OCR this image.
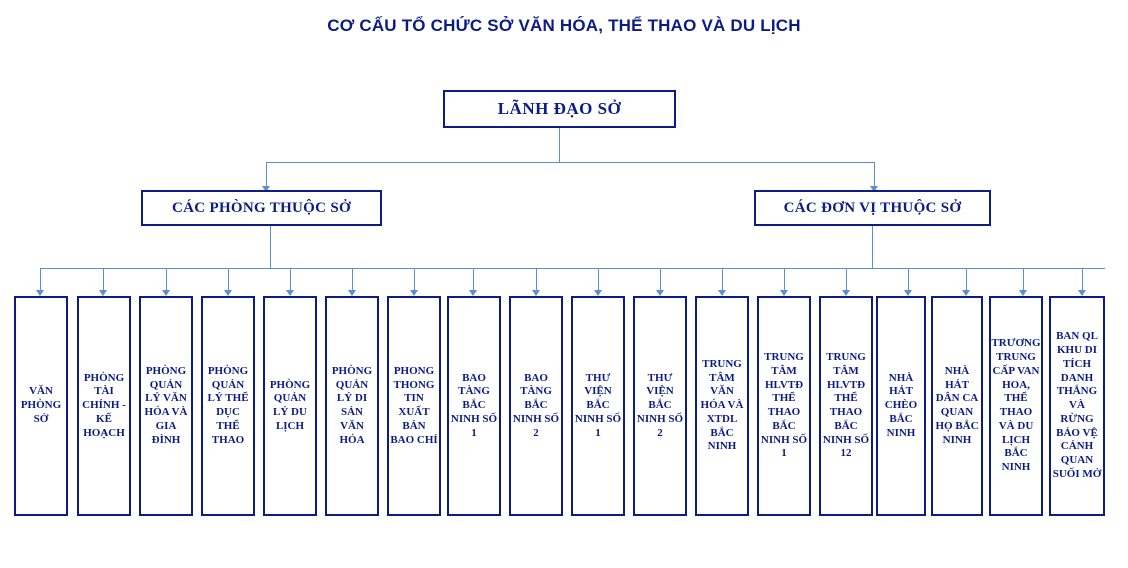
CƠ CẤU TỔ CHỨC SỞ VĂN HÓA, THỂ THAO VÀ DU LỊCH
LÃNH ĐẠO SỞ
CÁC PHÒNG THUỘC SỞ	CÁC ĐƠN VỊ THUỘC SỞ
VĂN PHÒNG SỞ
PHÒNG TÀI CHÍNH - KẾ HOẠCH
PHÒNG QUẢN LÝ VĂN HÓA VÀ GIA ĐÌNH
PHÒNG QUẢN LÝ THỂ DỤC THỂ THAO
PHÒNG QUẢN LÝ DU LỊCH
PHÒNG QUẢN LÝ DI SẢN VĂN HÓA
PHONG THONG TIN XUẤT BẢN BAO CHÍ
BAO TÀNG BẮC NINH SỐ 1
BAO TÀNG BẮC NINH SỐ 2
THƯ VIỆN BẮC NINH SỐ 1
THƯ VIỆN BẮC NINH SỐ 2
TRUNG TÂM VĂN HÓA VÀ XTDL BẮC NINH
TRUNG TÂM HLVTĐ THỂ THAO BẮC NINH SỐ 1
TRUNG TÂM HLVTĐ THỂ THAO BẮC NINH SỐ 12
NHÀ HÁT CHÈO BẮC NINH
NHÀ HÁT DÂN CA QUAN HỌ BẮC NINH
TRƯƠNG TRUNG CẤP VAN HOA, THỂ THAO VÀ DU LỊCH BẮC NINH
BAN QL KHU DI TÍCH DANH THẮNG VÀ RỪNG BẢO VỆ CẢNH QUAN SUỐI MỞ
